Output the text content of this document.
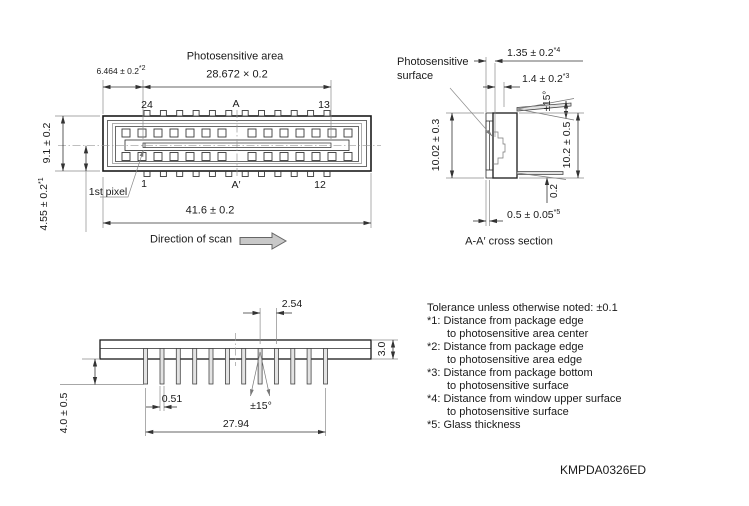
Photosensitive area
28.672 × 0.2
$6.464 \pm 0.2^{*2}$
24	A	13
1	A′	12
9.1 ± 0.2
$4.55 \pm 0.2^{*1}$
1st pixel
41.6 ± 0.2
Direction of scan
Photosensitive
surface
$1.35 \pm 0.2^{*4}$
$1.4 \pm 0.2^{*3}$
±15°
10.02 ± 0.3	10.2 ± 0.5
0.2
$0.5 \pm 0.05^{*5}$
A-A′ cross section
2.54
3.0
0.51
±15°
27.94
4.0 ± 0.5
Tolerance unless otherwise noted: ±0.1
*1: Distance from package edge
to photosensitive area center
*2: Distance from package edge
to photosensitive area edge
*3: Distance from package bottom
to photosensitive surface
*4: Distance from window upper surface
to photosensitive surface
*5: Glass thickness
KMPDA0326ED
